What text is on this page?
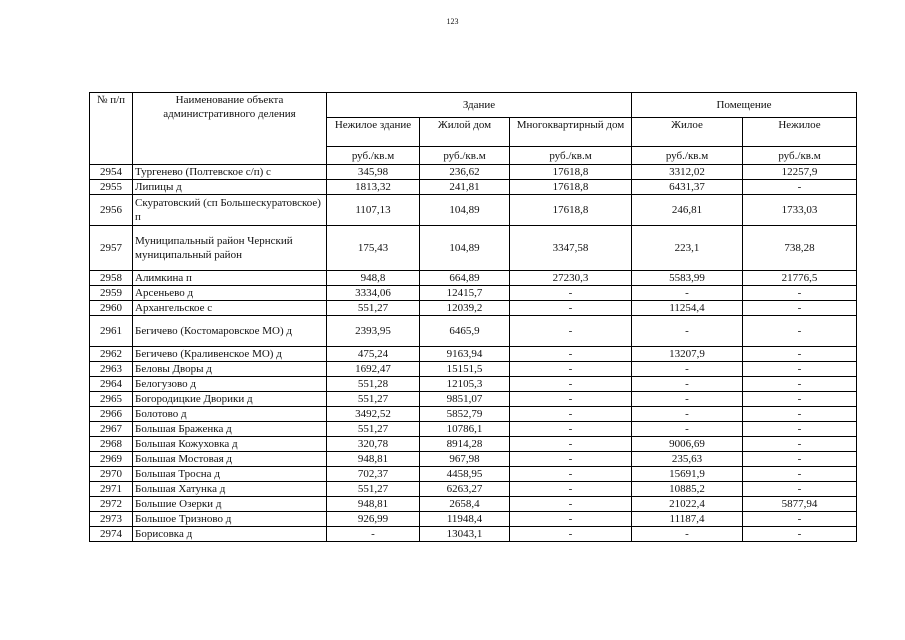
123
№ п/п	Наименование объекта административного деления	Здание			Помещение	
		Нежилое здание	Жилой дом	Многоквартирный дом	Жилое	Нежилое
		руб./кв.м	руб./кв.м	руб./кв.м	руб./кв.м	руб./кв.м
2954	Тургенево (Полтевское с/п) с	345,98	236,62	17618,8	3312,02	12257,9
2955	Липицы д	1813,32	241,81	17618,8	6431,37	-
2956	Скуратовский (сп Большескуратовское) п	1107,13	104,89	17618,8	246,81	1733,03
2957	Муниципальный район Чернский муниципальный район	175,43	104,89	3347,58	223,1	738,28
2958	Алимкина п	948,8	664,89	27230,3	5583,99	21776,5
2959	Арсеньево д	3334,06	12415,7	-	-	-
2960	Архангельское с	551,27	12039,2	-	11254,4	-
2961	Бегичево (Костомаровское МО) д	2393,95	6465,9	-	-	-
2962	Бегичево (Краливенское МО) д	475,24	9163,94	-	13207,9	-
2963	Беловы Дворы д	1692,47	15151,5	-	-	-
2964	Белогузово д	551,28	12105,3	-	-	-
2965	Богородицкие Дворики д	551,27	9851,07	-	-	-
2966	Болотово д	3492,52	5852,79	-	-	-
2967	Большая Браженка д	551,27	10786,1	-	-	-
2968	Большая Кожуховка д	320,78	8914,28	-	9006,69	-
2969	Большая Мостовая д	948,81	967,98	-	235,63	-
2970	Большая Тросна д	702,37	4458,95	-	15691,9	-
2971	Большая Хатунка д	551,27	6263,27	-	10885,2	-
2972	Большие Озерки д	948,81	2658,4	-	21022,4	5877,94
2973	Большое Тризново д	926,99	11948,4	-	11187,4	-
2974	Борисовка д	-	13043,1	-	-	-
